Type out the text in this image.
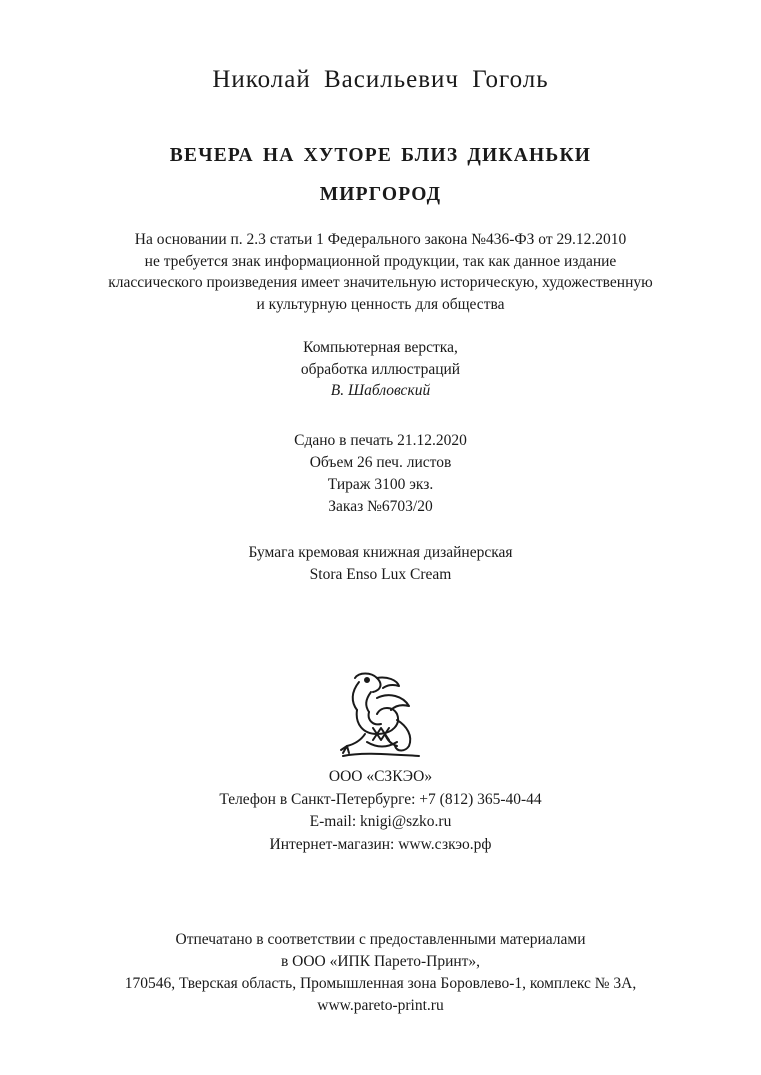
Николай Васильевич Гоголь
ВЕЧЕРА НА ХУТОРЕ БЛИЗ ДИКАНЬКИ
МИРГОРОД
На основании п. 2.3 статьи 1 Федерального закона №436-ФЗ от 29.12.2010
не требуется знак информационной продукции, так как данное издание
классического произведения имеет значительную историческую, художественную
и культурную ценность для общества
Компьютерная верстка,
обработка иллюстраций
В. Шабловский
Сдано в печать 21.12.2020
Объем 26 печ. листов
Тираж 3100 экз.
Заказ №6703/20
Бумага кремовая книжная дизайнерская
Stora Enso Lux Cream
ООО «СЗКЭО»
Телефон в Санкт-Петербурге: +7 (812) 365-40-44
E-mail: knigi@szko.ru
Интернет-магазин: www.сзкэо.рф
Отпечатано в соответствии с предоставленными материалами
в ООО «ИПК Парето-Принт»,
170546, Тверская область, Промышленная зона Боровлево-1, комплекс № 3А,
www.pareto-print.ru
